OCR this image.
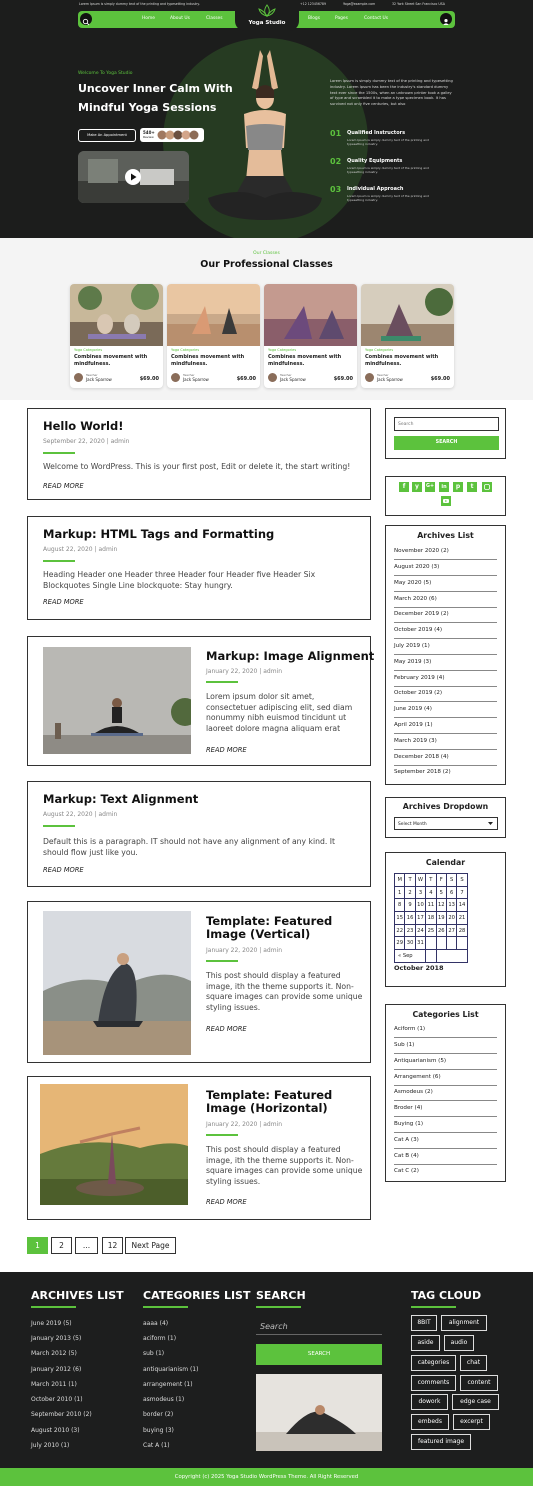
Lorem Ipsum is simply dummy text of the printing and typesetting industry.	+12 123456789	Yoga@example.com	32 York Street San Francisco USA
Home	About Us	Classes	Blogs	Pages	Contact Us
Yoga Studio
Welcome To Yoga Studio
Uncover Inner Calm With
Mindful Yoga Sessions
Make An Appointment	540+
Review
Lorem Ipsum is simply dummy text of the printing and typesetting industry. Lorem Ipsum has been the industry's standard dummy text ever since the 1500s, when an unknown printer took a galley of type and scrambled it to make a type specimen book. It has survived not only five centuries, but also
01 Qualified Instructors
Lorem Ipsum is simply dummy text of the printing and typesetting industry.
02 Quality Equipments
Lorem Ipsum is simply dummy text of the printing and typesetting industry.
03 Individual Approach
Lorem Ipsum is simply dummy text of the printing and typesetting industry.
Our Classes
Our Professional Classes
Yoga Categories
Combines movement with mindfulness.
Teacher
Jack Sparrow	$69.00
Yoga Categories
Combines movement with mindfulness.
Teacher
Jack Sparrow	$69.00
Yoga Categories
Combines movement with mindfulness.
Teacher
Jack Sparrow	$69.00
Yoga Categories
Combines movement with mindfulness.
Teacher
Jack Sparrow	$69.00
Hello World!
September 22, 2020 | admin
Welcome to WordPress. This is your first post, Edit or delete it, the start writing!
READ MORE
Markup: HTML Tags and Formatting
August 22, 2020 | admin
Heading Header one Header three Header four Header five Header Six Blockquotes Single Line blockquote: Stay hungry.
READ MORE
Markup: Image Alignment
January 22, 2020 | admin
Lorem ipsum dolor sit amet, consectetuer adipiscing elit, sed diam nonummy nibh euismod tincidunt ut laoreet dolore magna aliquam erat
READ MORE
Markup: Text Alignment
August 22, 2020 | admin
Default this is a paragraph. IT should not have any alignment of any kind. It should flow just like you.
READ MORE
Template: Featured Image (Vertical)
January 22, 2020 | admin
This post should display a featured image, ith the theme supports it. Non-square images can provide some unique styling issues.
READ MORE
Template: Featured Image (Horizontal)
January 22, 2020 | admin
This post should display a featured image, ith the theme supports it. Non-square images can provide some unique styling issues.
READ MORE
1	2	...	12	Next Page
Search
SEARCH
f	y	G+	in	p	t
Archives List
November 2020 (2)
August 2020 (3)
May 2020 (5)
March 2020 (6)
December 2019 (2)
October 2019 (4)
July 2019 (1)
May 2019 (3)
February 2019 (4)
October 2019 (2)
June 2019 (4)
April 2019 (1)
March 2019 (3)
December 2018 (4)
September 2018 (2)
Archives Dropdown
Select Month
Calendar
M	T	W	T	F	S	S
1	2	3	4	5	6	7
8	9	10	11	12	13	14
15	16	17	18	19	20	21
22	23	24	25	26	27	28
29	30	31				
« Sep						
October 2018
Categories List
Aciform (1)
Sub (1)
Antiquarianism (5)
Arrangement (6)
Asmodeus (2)
Broder (4)
Buying (1)
Cat A (3)
Cat B (4)
Cat C (2)
ARCHIVES LIST
June 2019 (5)
January 2013 (5)
March 2012 (5)
January 2012 (6)
March 2011 (1)
October 2010 (1)
September 2010 (2)
August 2010 (3)
July 2010 (1)
CATEGORIES LIST
aaaa (4)
aciform (1)
sub (1)
antiquarianism (1)
arrangement (1)
asmodeus (1)
border (2)
buying (3)
Cat A (1)
SEARCH
Search
SEARCH
TAG CLOUD
8BIT	alignment
aside	audio
categories	chat
comments	content
dowork	edge case
embeds	excerpt
featured image
Copyright (c) 2025 Yoga Studio WordPress Theme. All Right Reserved
